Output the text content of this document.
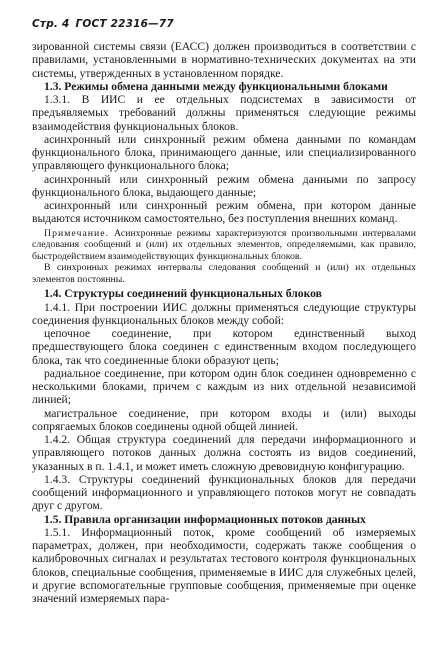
Стр. 4 ГОСТ 22316—77

зированной системы связи (ЕАСС) должен производиться в соответствии с правилами, установленными в нормативно-технических документах на эти системы, утвержденных в установленном порядке.

1.3. Режимы обмена данными между функциональными блоками

1.3.1. В ИИС и ее отдельных подсистемах в зависимости от предъявляемых требований должны применяться следующие режимы взаимодействия функциональных блоков.

асинхронный или синхронный режим обмена данными по командам функционального блока, принимающего данные, или специализированного управляющего функционального блока;

асинхронный или синхронный режим обмена данными по запросу функционального блока, выдающего данные;

асинхронный или синхронный режим обмена, при котором данные выдаются источником самостоятельно, без поступления внешних команд.

Примечание. Асинхронные режимы характеризуются произвольными интервалами следования сообщений и (или) их отдельных элементов, определяемыми, как правило, быстродействием взаимодействующих функциональных блоков.

В синхронных режимах интервалы следования сообщений и (или) их отдельных элементов постоянны.

1.4. Структуры соединений функциональных блоков

1.4.1. При построении ИИС должны применяться следующие структуры соединения функциональных блоков между собой:

цепочное соединение, при котором единственный выход предшествующего блока соединен с единственным входом последующего блока, так что соединенные блоки образуют цепь;

радиальное соединение, при котором один блок соединен одновременно с несколькими блоками, причем с каждым из них отдельной независимой линией;

магистральное соединение, при котором входы и (или) выходы сопрягаемых блоков соединены одной общей линией.

1.4.2. Общая структура соединений для передачи информационного и управляющего потоков данных должна состоять из видов соединений, указанных в п. 1.4.1, и может иметь сложную древовидную конфигурацию.

1.4.3. Структуры соединений функциональных блоков для передачи сообщений информационного и управляющего потоков могут не совпадать друг с другом.

1.5. Правила организации информационных потоков данных

1.5.1. Информационный поток, кроме сообщений об измеряемых параметрах, должен, при необходимости, содержать также сообщения о калибровочных сигналах и результатах тестового контроля функциональных блоков, специальные сообщения, применяемые в ИИС для служебных целей, и другие вспомогательные групповые сообщения, применяемые при оценке значений измеряемых пара-
